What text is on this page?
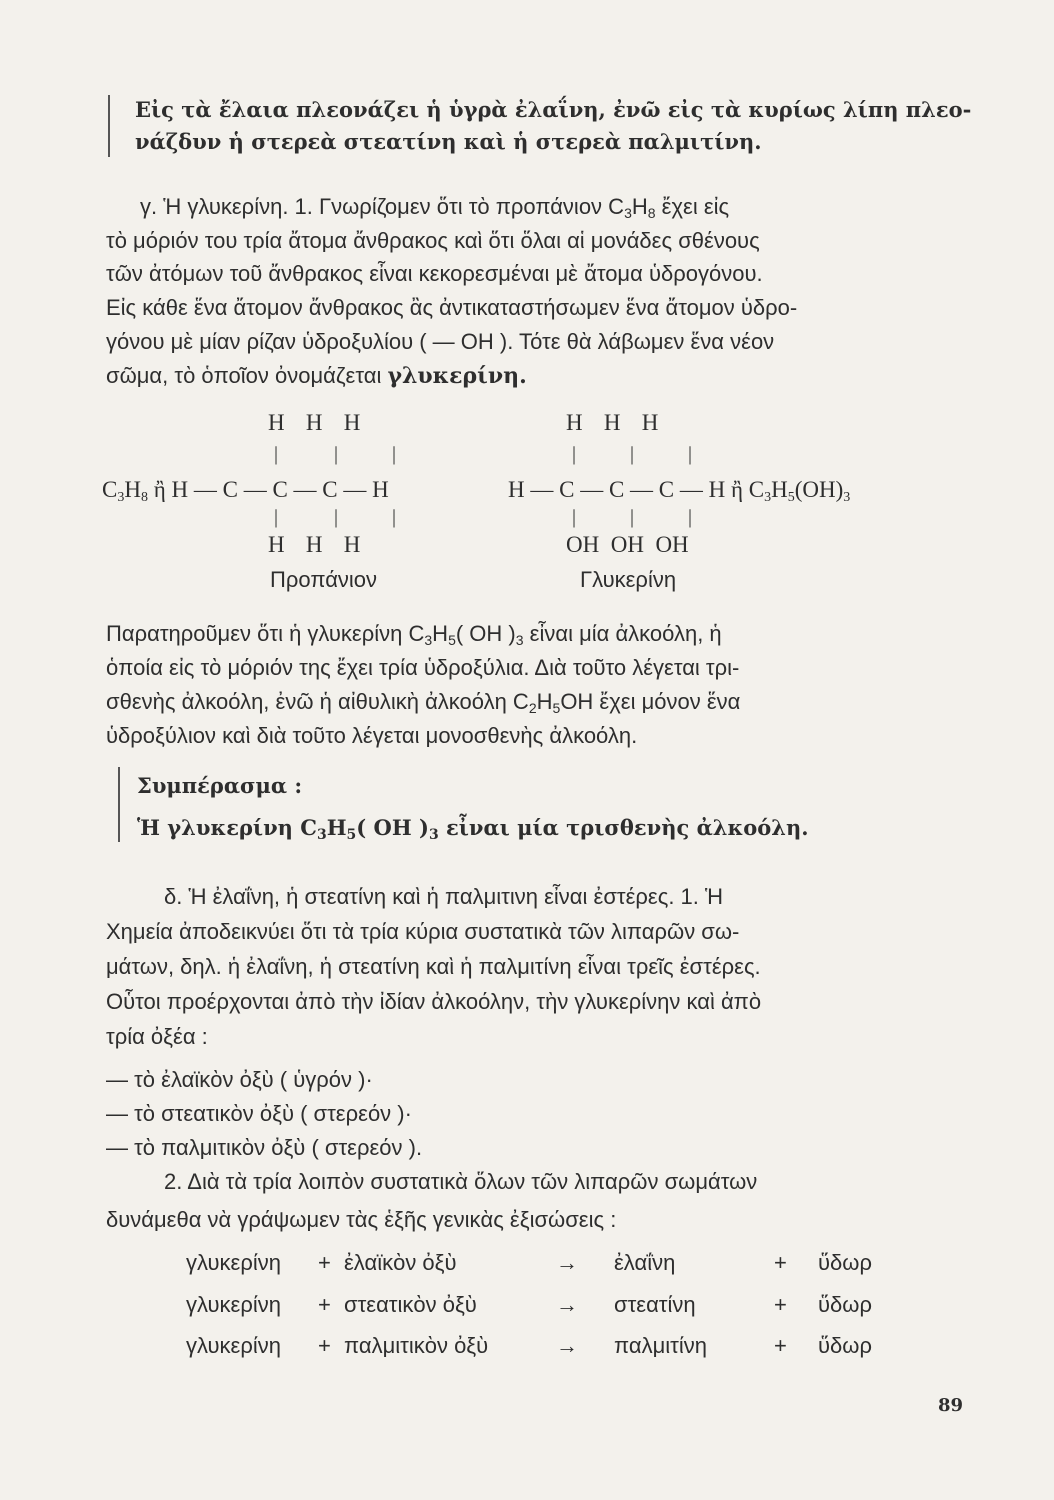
Εἰς τὰ ἔλαια πλεονάζει ἡ ὑγρὰ ἐλαΐνη, ἐνῶ εἰς τὰ κυρίως λίπη πλεο-
νάζδυν ἡ στερεὰ στεατίνη καὶ ἡ στερεὰ παλμιτίνη.
γ. Ἡ γλυκερίνη. 1. Γνωρίζομεν ὅτι τὸ προπάνιον $C_3H_8$ ἔχει εἰς
τὸ μόριόν του τρία ἄτομα ἄνθρακος καὶ ὅτι ὅλαι αἱ μονάδες σθένους
τῶν ἀτόμων τοῦ ἄνθρακος εἶναι κεκορεσμέναι μὲ ἄτομα ὑδρογόνου.
Εἰς κάθε ἕνα ἄτομον ἄνθρακος ἂς ἀντικαταστήσωμεν ἕνα ἄτομον ὑδρο-
γόνου μὲ μίαν ρίζαν ὑδροξυλίου ( — OH ). Τότε θὰ λάβωμεν ἕνα νέον
σῶμα, τὸ ὁποῖον ὀνομάζεται γλυκερίνη.
H   H   H	H   H   H
|	|	|	|	|	|
$C_3H_8$ ἢ H — C — C — C — H	H — C — C — C — H ἢ $C_3H_5(OH)_3$
|	|	|	|	|	|
H   H   H	OH  OH  OH
Προπάνιον	Γλυκερίνη
Παρατηροῦμεν ὅτι ἡ γλυκερίνη $C_3H_5$( OH )$_3$ εἶναι μία ἀλκοόλη, ἡ
ὁποία εἰς τὸ μόριόν της ἔχει τρία ὑδροξύλια. Διὰ τοῦτο λέγεται τρι-
σθενὴς ἀλκοόλη, ἐνῶ ἡ αἰθυλικὴ ἀλκοόλη $C_2H_5OH$ ἔχει μόνον ἕνα
ὑδροξύλιον καὶ διὰ τοῦτο λέγεται μονοσθενὴς ἀλκοόλη.
Συμπέρασμα :
Ἡ γλυκερίνη $C_3H_5$( OH )$_3$ εἶναι μία τρισθενὴς ἀλκοόλη.
δ. Ἡ ἐλαΐνη, ἡ στεατίνη καὶ ἡ παλμιτινη εἶναι ἐστέρες. 1. Ἡ
Χημεία ἀποδεικνύει ὅτι τὰ τρία κύρια συστατικὰ τῶν λιπαρῶν σω-
μάτων, δηλ. ἡ ἐλαΐνη, ἡ στεατίνη καὶ ἡ παλμιτίνη εἶναι τρεῖς ἐστέρες.
Οὗτοι προέρχονται ἀπὸ τὴν ἰδίαν ἀλκοόλην, τὴν γλυκερίνην καὶ ἀπὸ
τρία ὀξέα :
— τὸ ἐλαϊκὸν ὀξὺ ( ὑγρόν )·
— τὸ στεατικὸν ὀξὺ ( στερεόν )·
— τὸ παλμιτικὸν ὀξὺ ( στερεόν ).
2. Διὰ τὰ τρία λοιπὸν συστατικὰ ὅλων τῶν λιπαρῶν σωμάτων
δυνάμεθα νὰ γράψωμεν τὰς ἑξῆς γενικὰς ἐξισώσεις :
γλυκερίνη + ἐλαϊκὸν ὀξὺ	→ ἐλαΐνη	+ ὕδωρ
γλυκερίνη + στεατικὸν ὀξὺ	→ στεατίνη	+ ὕδωρ
γλυκερίνη + παλμιτικὸν ὀξὺ	→ παλμιτίνη	+ ὕδωρ
89
